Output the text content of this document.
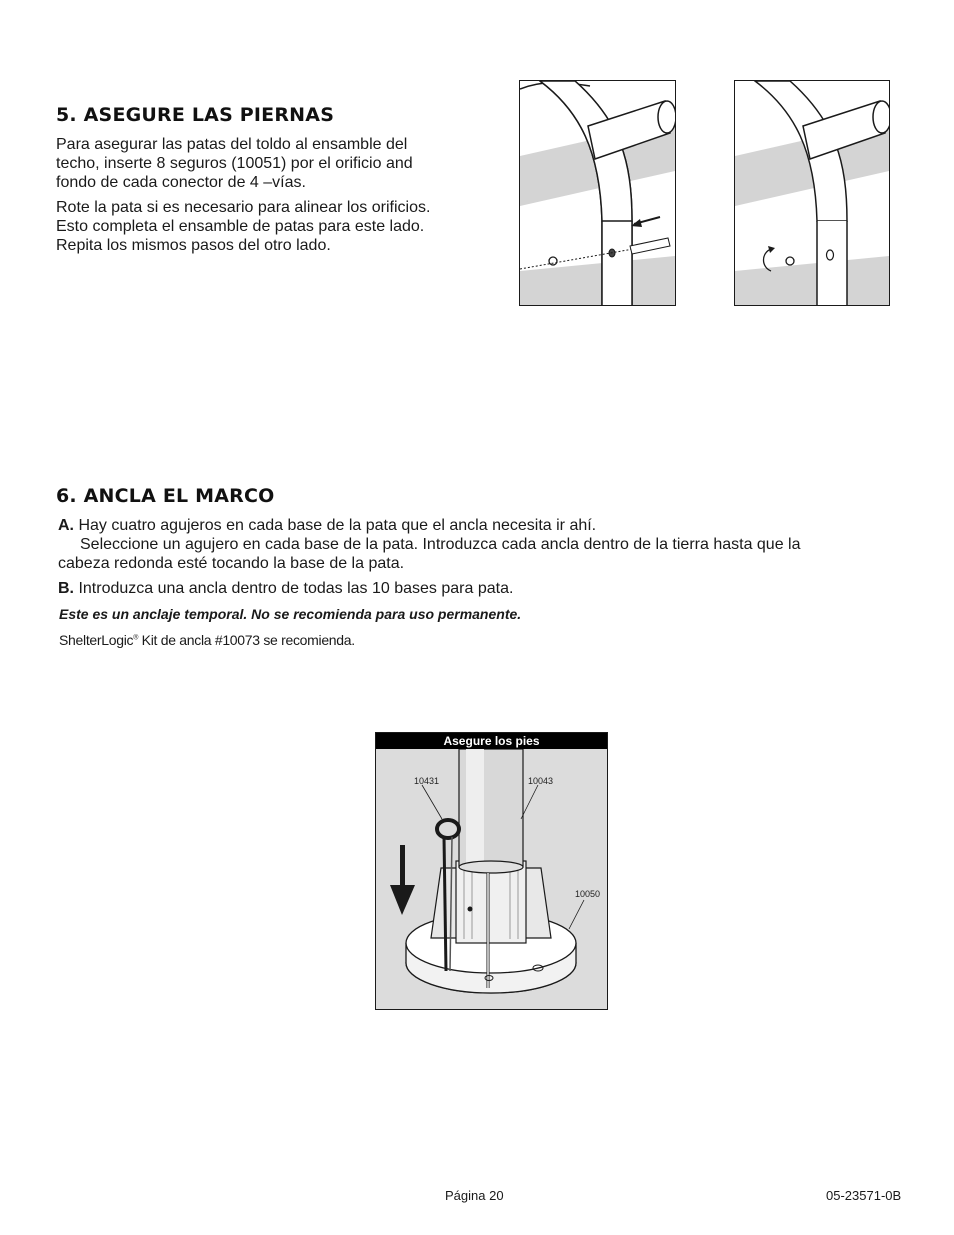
5. ASEGURE LAS PIERNAS

Para asegurar las patas del toldo al ensamble del
techo, inserte 8 seguros (10051) por el orificio and
fondo de cada conector de 4 –vías.

Rote la pata si es necesario para alinear los orificios.
Esto completa el ensamble de patas para este lado.
Repita los mismos pasos del otro lado.

6. ANCLA EL MARCO
A. Hay cuatro agujeros en cada base de la pata que el ancla necesita ir ahí.
Seleccione un agujero en cada base de la pata. Introduzca cada ancla dentro de la tierra hasta que la
cabeza redonda esté tocando la base de la pata.
B. Introduzca una ancla dentro de todas las 10 bases para pata.
Este es un anclaje temporal. No se recomienda para uso permanente.
ShelterLogic® Kit de ancla #10073 se recomienda.
Asegure los pies
10431	10043
10050
Página 20	05-23571-0B
